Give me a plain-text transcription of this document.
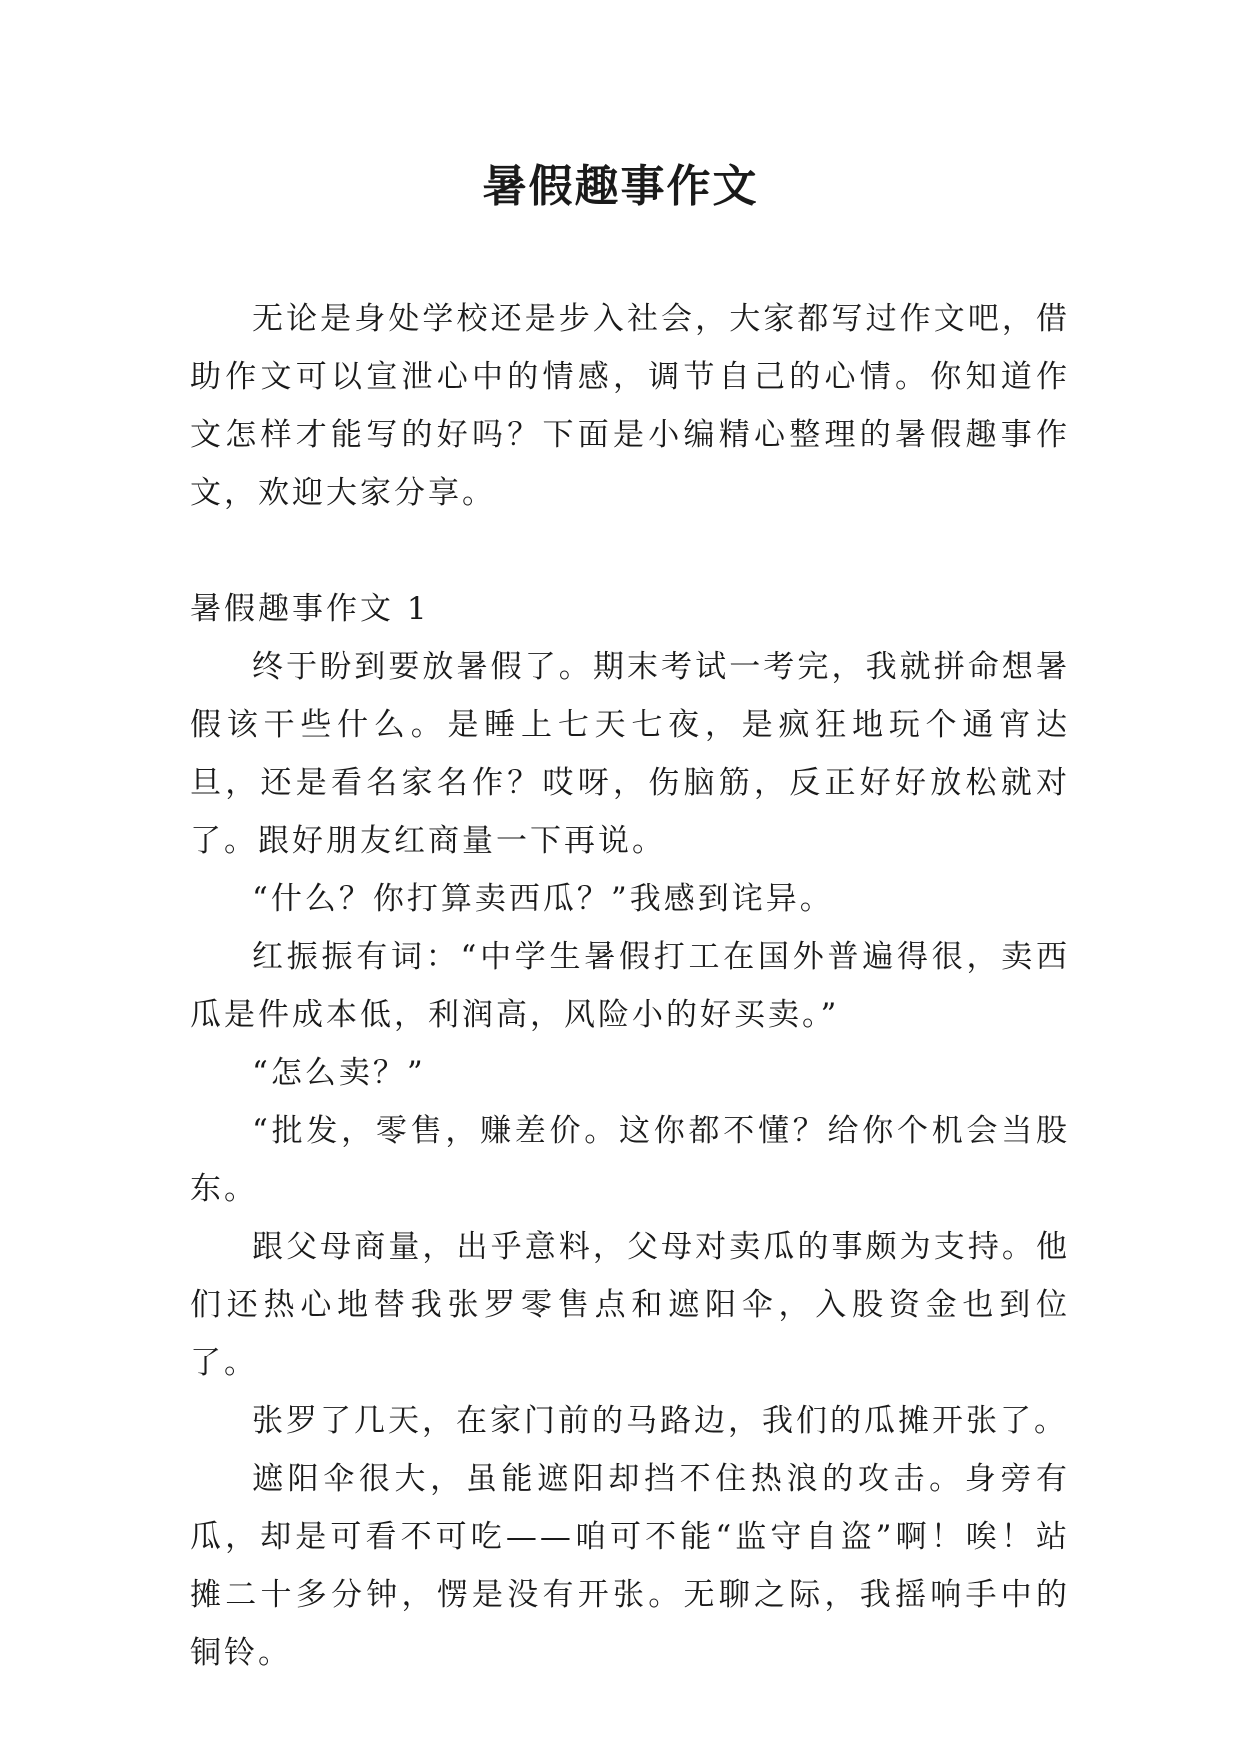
暑假趣事作文

无论是身处学校还是步入社会，大家都写过作文吧，借助作文可以宣泄心中的情感，调节自己的心情。你知道作文怎样才能写的好吗？下面是小编精心整理的暑假趣事作文，欢迎大家分享。

暑假趣事作文 1

终于盼到要放暑假了。期末考试一考完，我就拼命想暑假该干些什么。是睡上七天七夜，是疯狂地玩个通宵达旦，还是看名家名作？哎呀，伤脑筋，反正好好放松就对了。跟好朋友红商量一下再说。

“什么？你打算卖西瓜？”我感到诧异。

红振振有词：“中学生暑假打工在国外普遍得很，卖西瓜是件成本低，利润高，风险小的好买卖。”

“怎么卖？”

“批发，零售，赚差价。这你都不懂？给你个机会当股东。

跟父母商量，出乎意料，父母对卖瓜的事颇为支持。他们还热心地替我张罗零售点和遮阳伞，入股资金也到位了。

张罗了几天，在家门前的马路边，我们的瓜摊开张了。

遮阳伞很大，虽能遮阳却挡不住热浪的攻击。身旁有瓜，却是可看不可吃——咱可不能“监守自盗”啊！唉！站摊二十多分钟，愣是没有开张。无聊之际，我摇响手中的铜铃。
